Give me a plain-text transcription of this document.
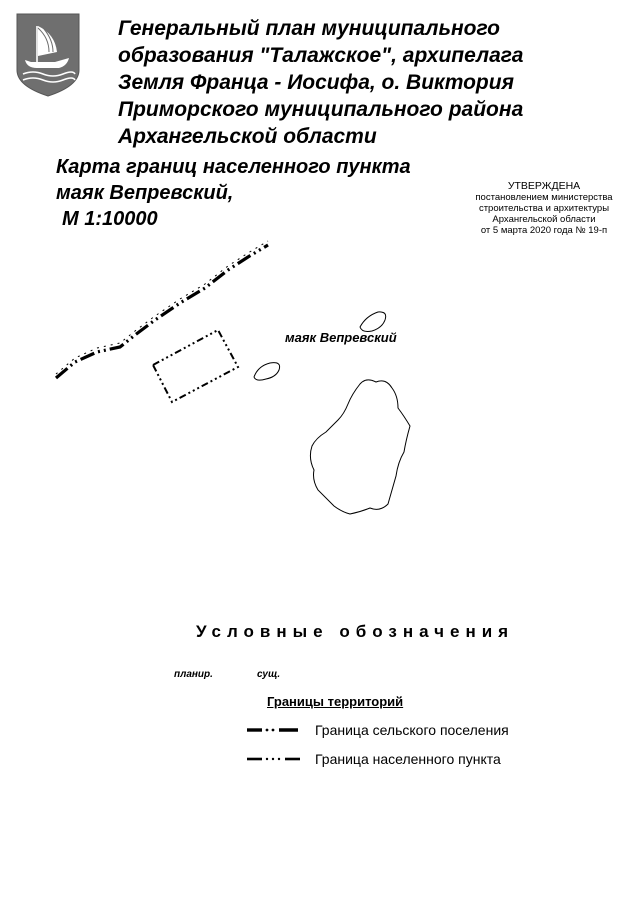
Генеральный план муниципального
образования "Талажское", архипелага
Земля Франца - Иосифа, о. Виктория
Приморского муниципального района
Архангельской области
Карта границ населенного пункта
маяк Вепревский,
М 1:10000
УТВЕРЖДЕНА
постановлением министерства
строительства и архитектуры
Архангельской области
от 5 марта 2020 года № 19-п
маяк Вепревский
Условные обозначения
планир.	сущ.
Границы территорий
Граница сельского поселения
Граница населенного пункта
